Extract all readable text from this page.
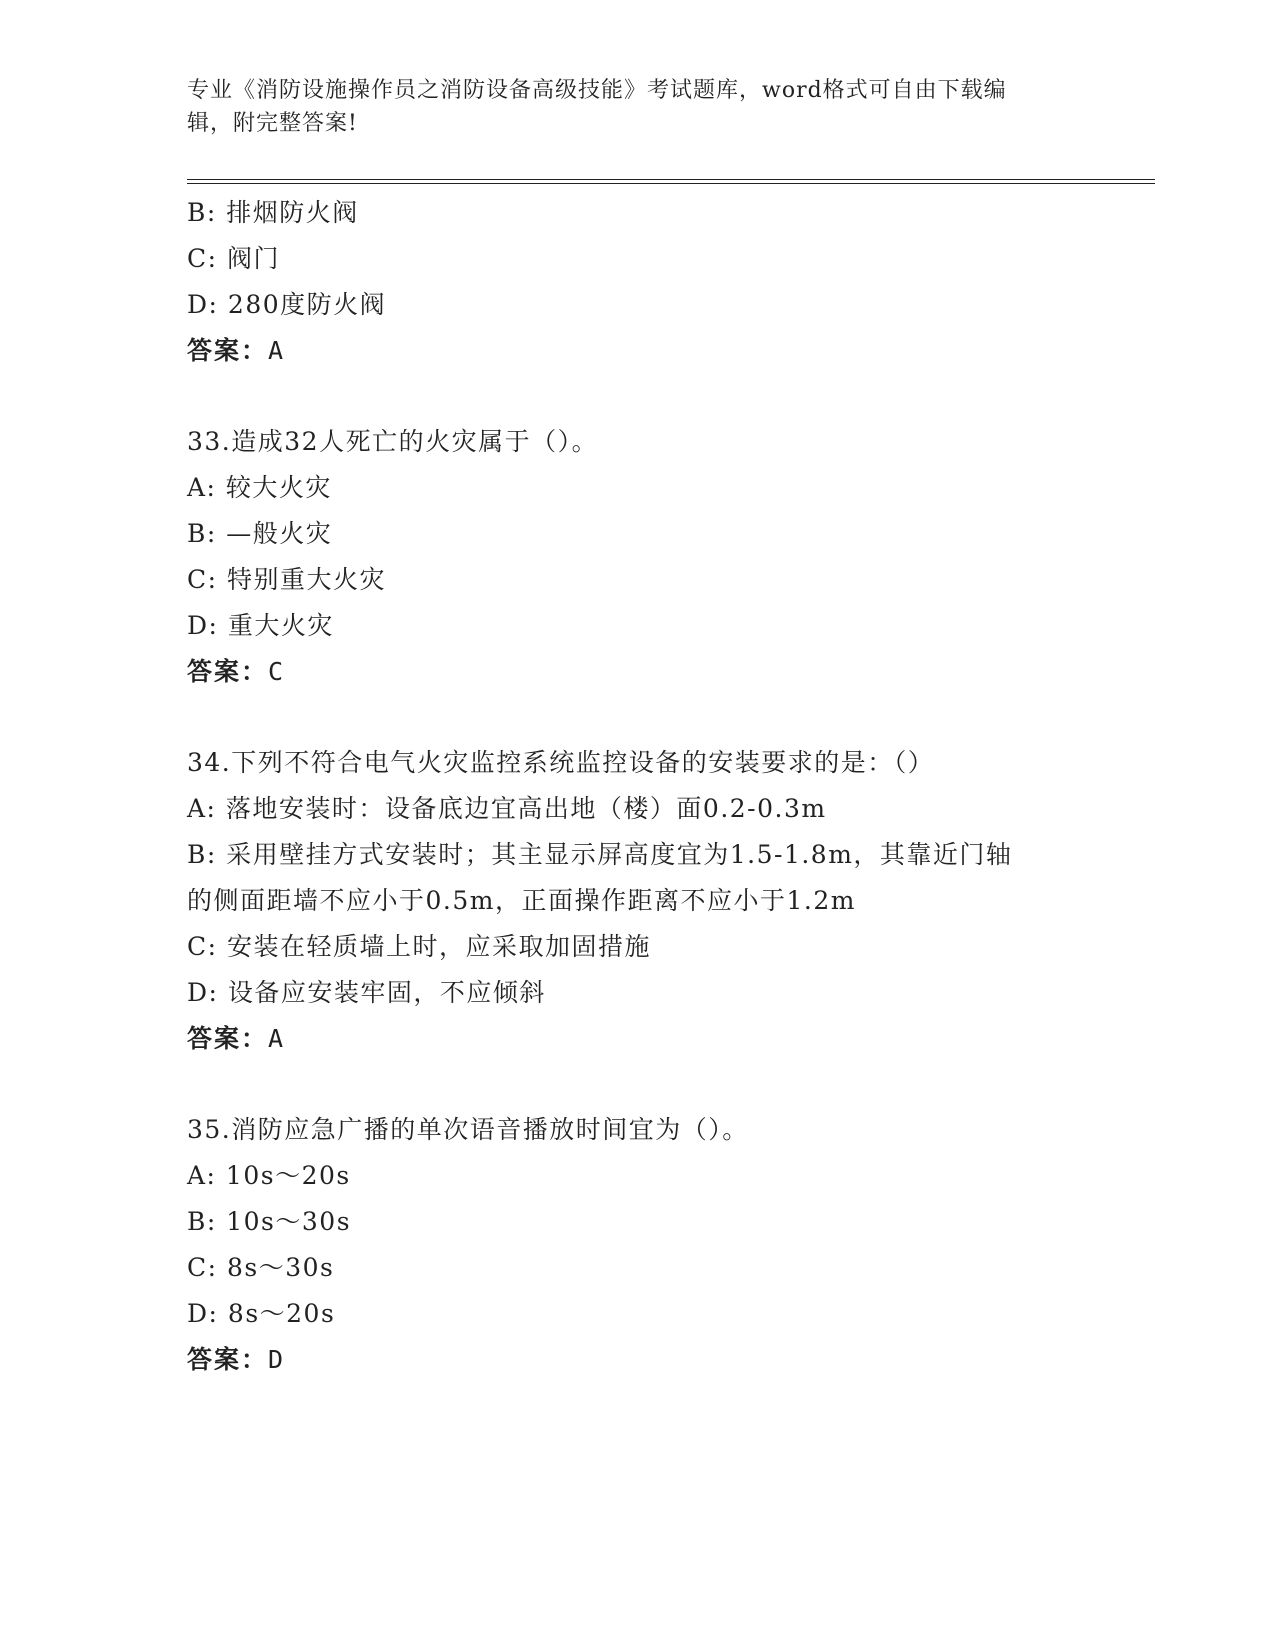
专业《消防设施操作员之消防设备高级技能》考试题库，word格式可自由下载编
辑，附完整答案!
B: 排烟防火阀
C: 阀门
D: 280度防火阀
答案：A
33.造成32人死亡的火灾属于（）。
A: 较大火灾
B: —般火灾
C: 特别重大火灾
D: 重大火灾
答案：C
34.下列不符合电气火灾监控系统监控设备的安装要求的是：（）
A: 落地安装时：设备底边宜高出地（楼）面0.2-0.3m
B: 采用壁挂方式安装时；其主显示屏高度宜为1.5-1.8m，其靠近门轴
的侧面距墙不应小于0.5m，正面操作距离不应小于1.2m
C: 安装在轻质墙上时，应采取加固措施
D: 设备应安装牢固，不应倾斜
答案：A
35.消防应急广播的单次语音播放时间宜为（）。
A: 10s～20s
B: 10s～30s
C: 8s～30s
D: 8s～20s
答案：D
